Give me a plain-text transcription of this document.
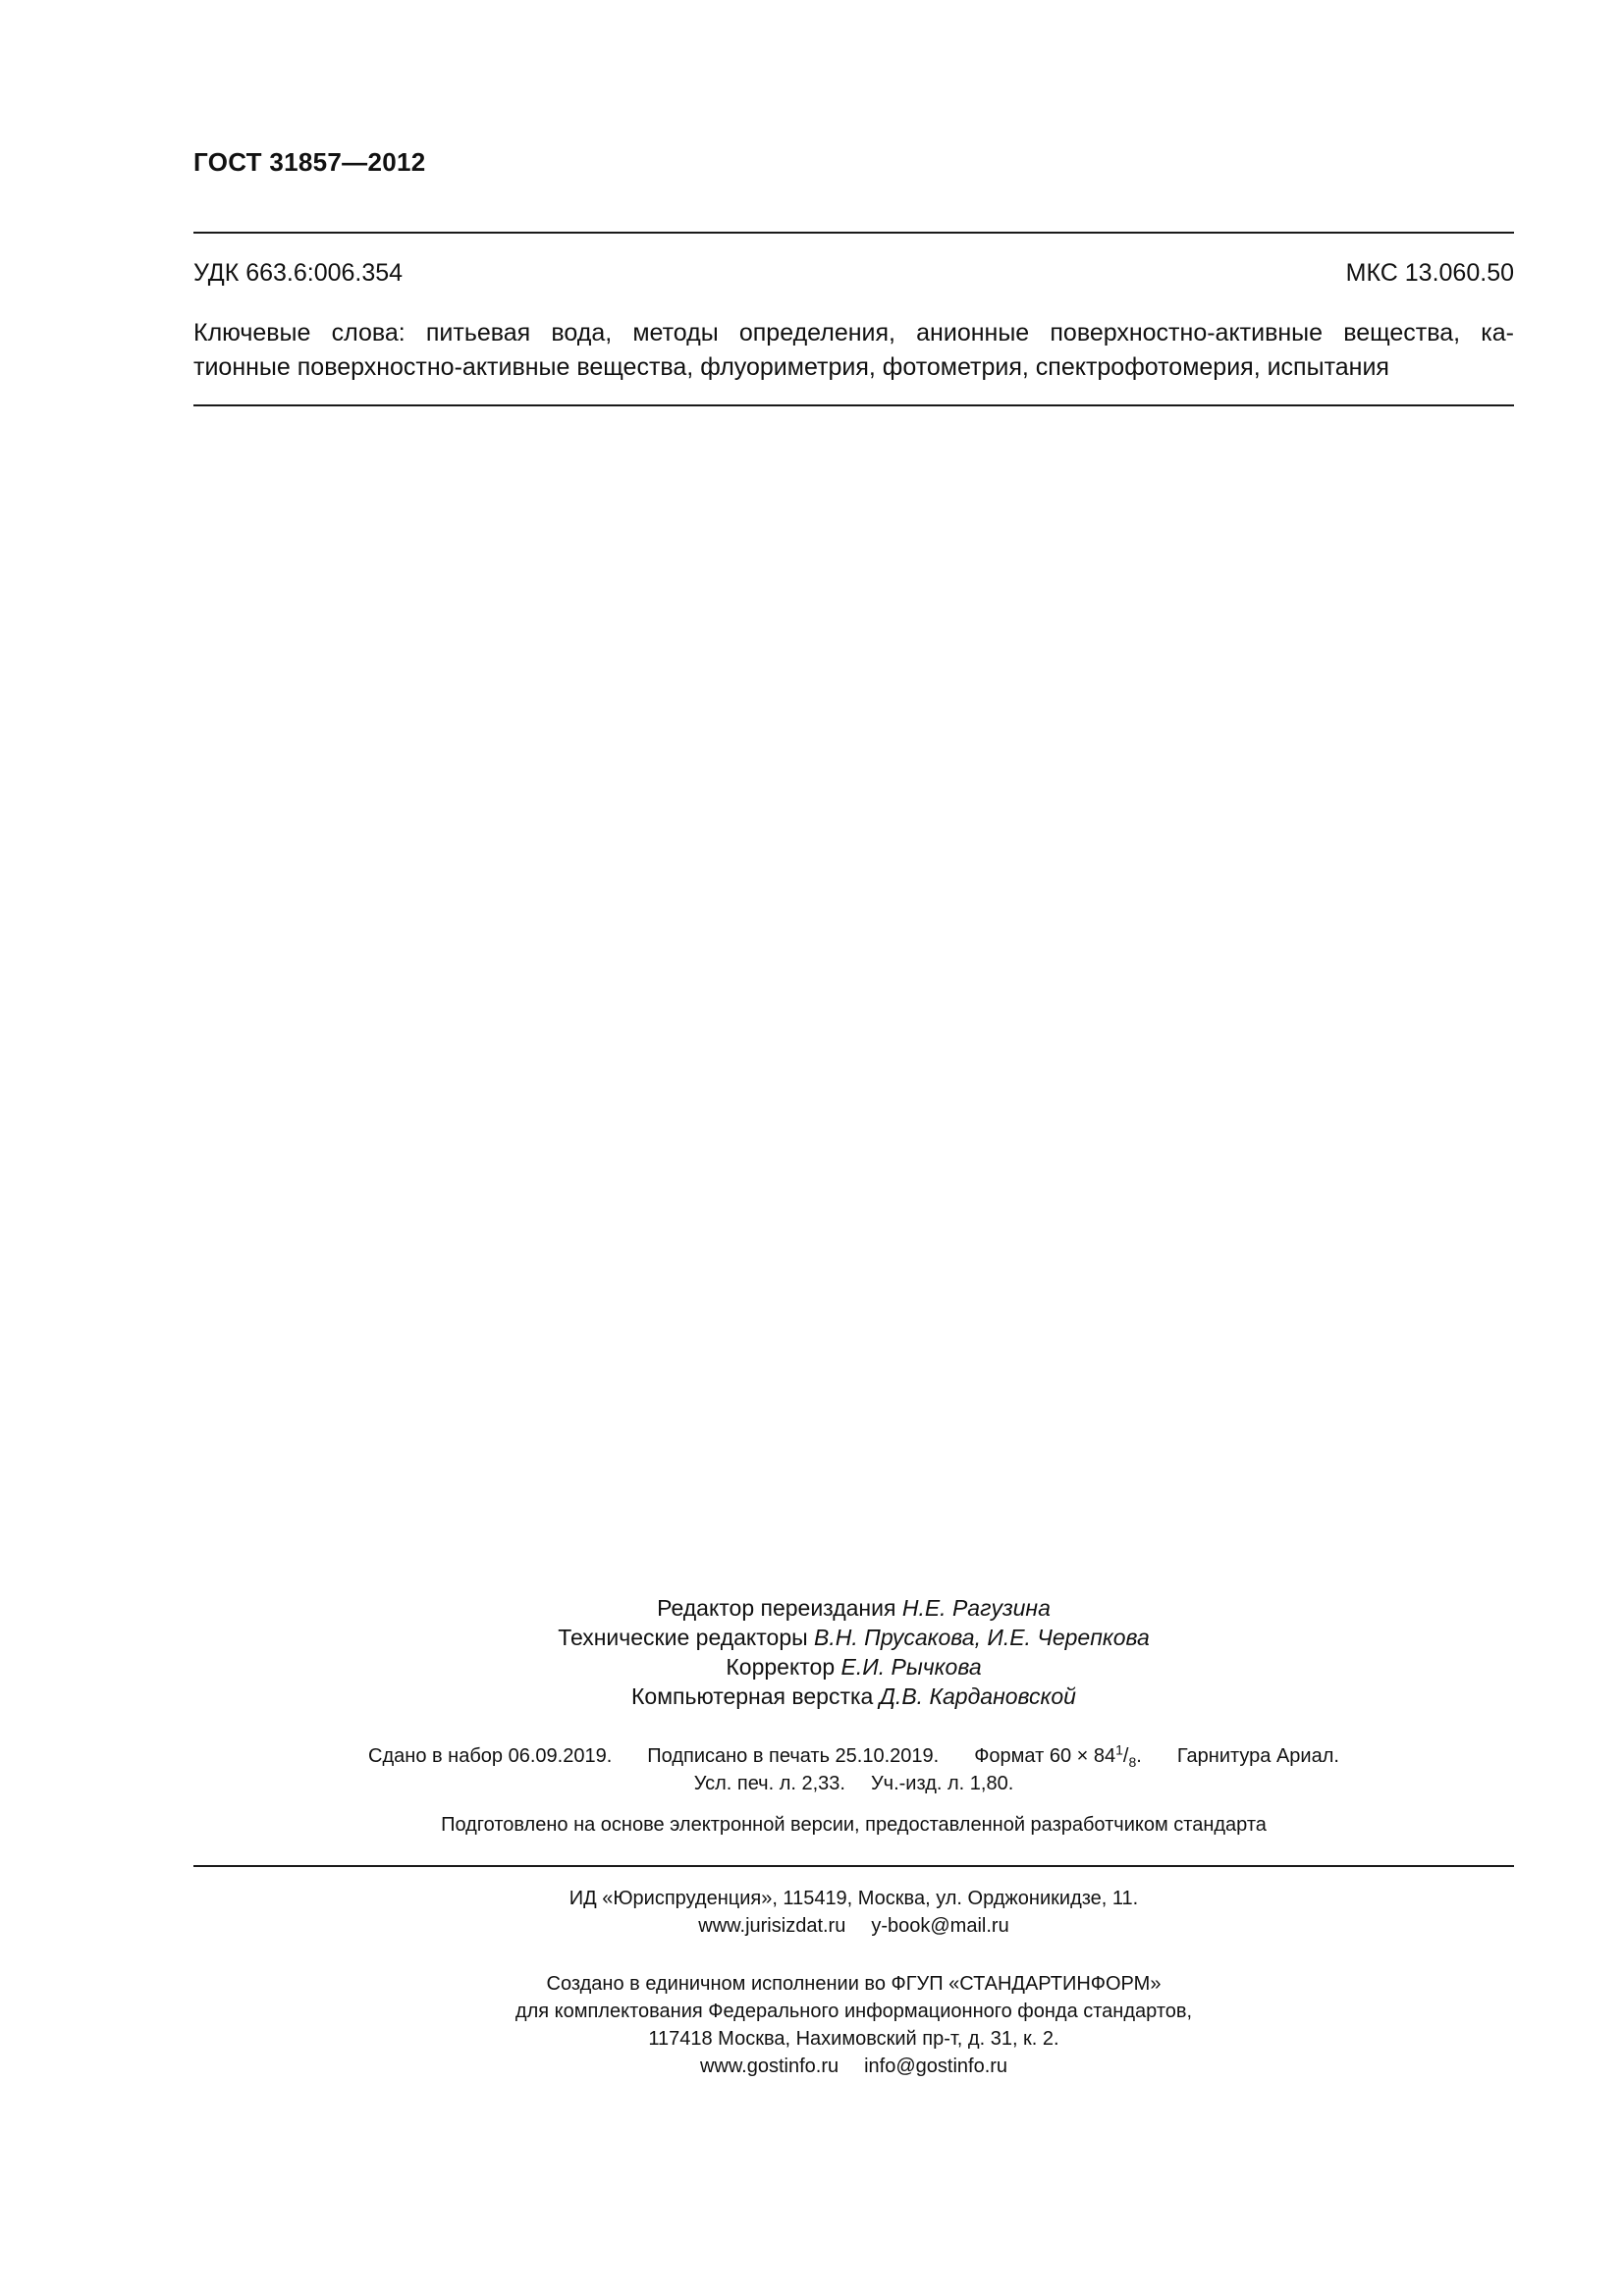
ГОСТ 31857—2012
УДК 663.6:006.354	МКС 13.060.50
Ключевые слова: питьевая вода, методы определения, анионные поверхностно-активные вещества, ка-
тионные поверхностно-активные вещества, флуориметрия, фотометрия, спектрофотомерия, испытания
Редактор переиздания Н.Е. Рагузина
Технические редакторы В.Н. Прусакова, И.Е. Черепкова
Корректор Е.И. Рычкова
Компьютерная верстка Д.В. Кардановской
Сдано в набор 06.09.2019. Подписано в печать 25.10.2019. Формат $60 \times 84^1/_8$. Гарнитура Ариал.
Усл. печ. л. 2,33. Уч.-изд. л. 1,80.
Подготовлено на основе электронной версии, предоставленной разработчиком стандарта
ИД «Юриспруденция», 115419, Москва, ул. Орджоникидзе, 11.
www.jurisizdat.ru y-book@mail.ru
Создано в единичном исполнении во ФГУП «СТАНДАРТИНФОРМ»
для комплектования Федерального информационного фонда стандартов,
117418 Москва, Нахимовский пр-т, д. 31, к. 2.
www.gostinfo.ru info@gostinfo.ru
